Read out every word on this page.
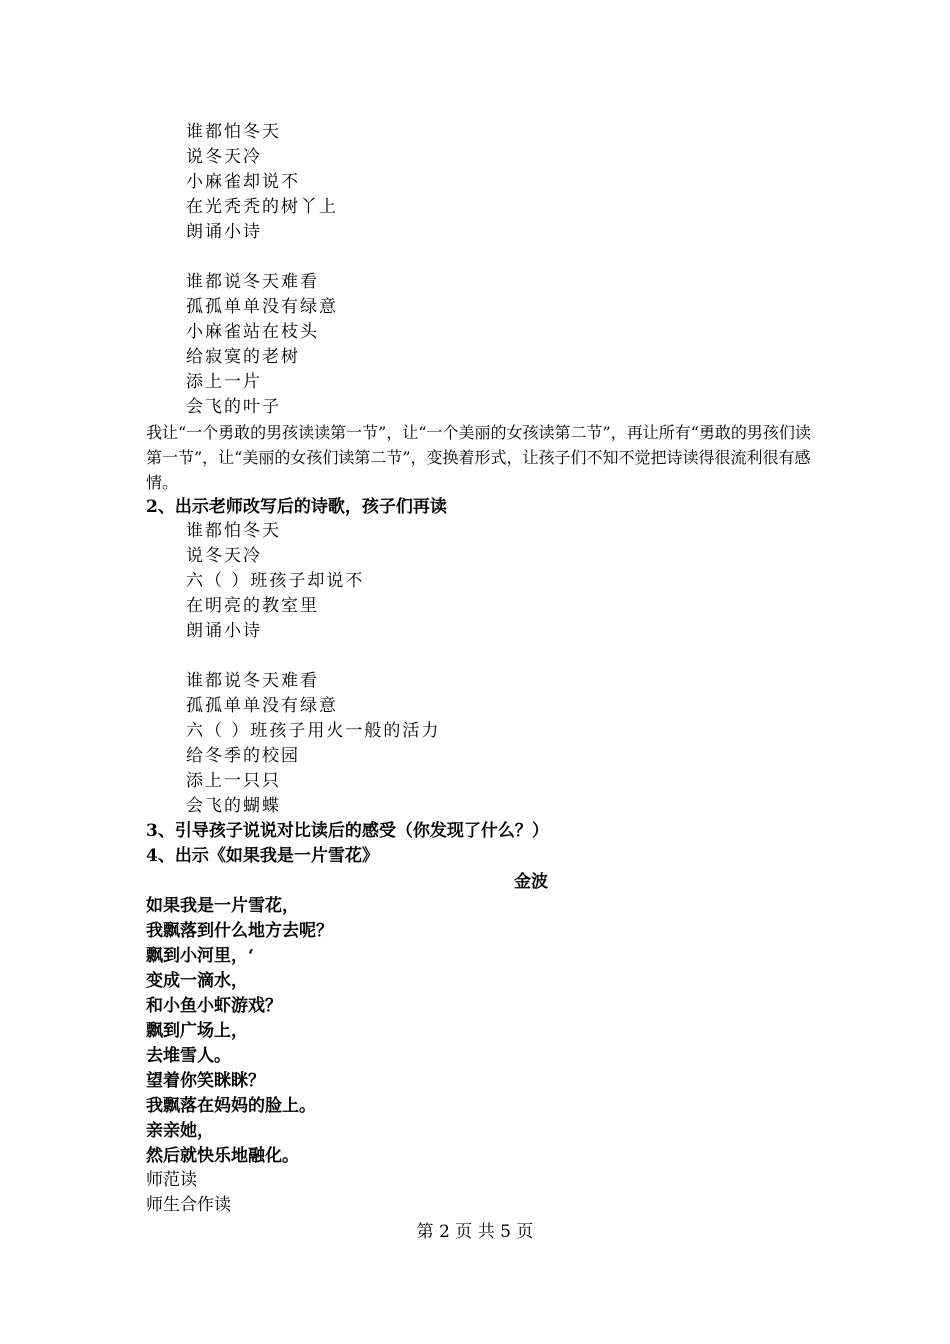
谁都怕冬天
说冬天冷
小麻雀却说不
在光秃秃的树丫上
朗诵小诗
谁都说冬天难看
孤孤单单没有绿意
小麻雀站在枝头
给寂寞的老树
添上一片
会飞的叶子
我让“一个勇敢的男孩读读第一节”，让“一个美丽的女孩读第二节”，再让所有“勇敢的男孩们读第一节”，让“美丽的女孩们读第二节”，变换着形式，让孩子们不知不觉把诗读得很流利很有感情。
2、出示老师改写后的诗歌，孩子们再读
谁都怕冬天
说冬天冷
六（ ）班孩子却说不
在明亮的教室里
朗诵小诗
谁都说冬天难看
孤孤单单没有绿意
六（ ）班孩子用火一般的活力
给冬季的校园
添上一只只
会飞的蝴蝶
3、引导孩子说说对比读后的感受（你发现了什么？）
4、出示《如果我是一片雪花》
金波
如果我是一片雪花，
我飘落到什么地方去呢？
飘到小河里，‘
变成一滴水，
和小鱼小虾游戏？
飘到广场上，
去堆雪人。
望着你笑眯眯？
我飘落在妈妈的脸上。
亲亲她，
然后就快乐地融化。
师范读
师生合作读
第 2 页 共 5 页
